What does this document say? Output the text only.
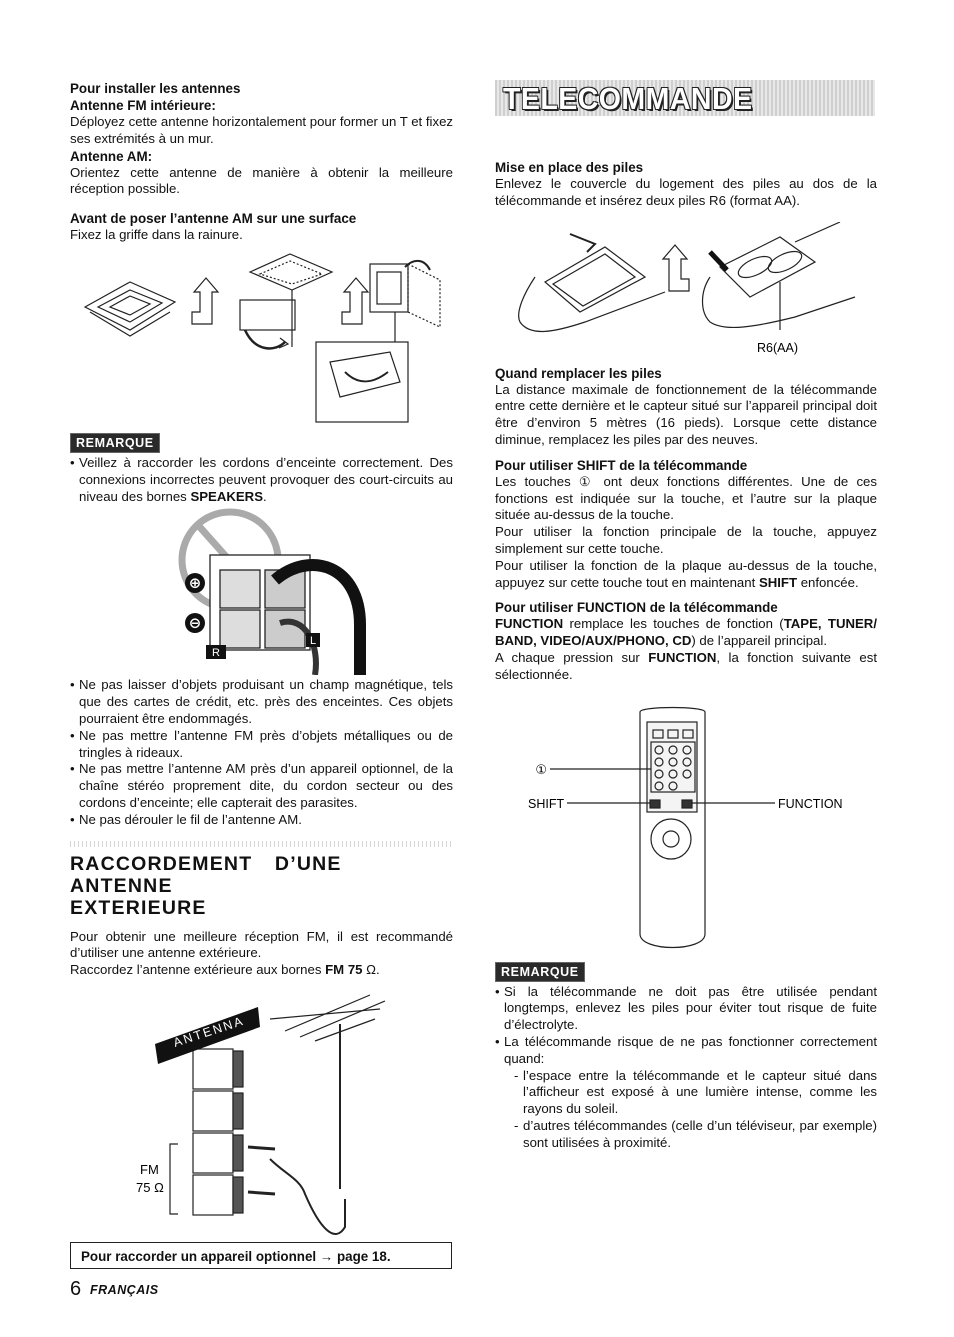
Pour installer les antennes
Antenne FM intérieure:

Déployez cette antenne horizontalement pour former un T et fixez ses extrémités à un mur.

Antenne AM:

Orientez cette antenne de manière à obtenir la meilleure réception possible.

Avant de poser l’antenne AM sur une surface

Fixez la griffe dans la rainure.

REMARQUE
• Veillez à raccorder les cordons d’enceinte correctement. Des connexions incorrectes peuvent provoquer des court-circuits au niveau des bornes SPEAKERS.
⊕
⊖
R
L
• Ne pas laisser d’objets produisant un champ magnétique, tels que des cartes de crédit, etc. près des enceintes. Ces objets pourraient être endommagés.
• Ne pas mettre l’antenne FM près d’objets métalliques ou de tringles à rideaux.
• Ne pas mettre l’antenne AM près d’un appareil optionnel, de la chaîne stéréo proprement dite, du cordon secteur ou des cordons d’enceinte; elle capterait des parasites.
• Ne pas dérouler le fil de l’antenne AM.
RACCORDEMENT D’UNE ANTENNE
EXTERIEURE

Pour obtenir une meilleure réception FM, il est recommandé d’utiliser une antenne extérieure.

Raccordez l’antenne extérieure aux bornes FM 75 Ω.

ANTENNA
FM
75 Ω
TELECOMMANDE
Mise en place des piles

Enlevez le couvercle du logement des piles au dos de la télécommande et insérez deux piles R6 (format AA).

R6(AA)
Quand remplacer les piles

La distance maximale de fonctionnement de la télécommande entre cette dernière et le capteur situé sur l’appareil principal doit être d’environ 5 mètres (16 pieds). Lorsque cette distance diminue, remplacez les piles par des neuves.

Pour utiliser SHIFT de la télécommande

Les touches ① ont deux fonctions différentes. Une de ces fonctions est indiquée sur la touche, et l’autre sur la plaque située au-dessus de la touche.

Pour utiliser la fonction principale de la touche, appuyez simplement sur cette touche.

Pour utiliser la fonction de la plaque au-dessus de la touche, appuyez sur cette touche tout en maintenant SHIFT enfoncée.

Pour utiliser FUNCTION de la télécommande

FUNCTION remplace les touches de fonction (TAPE, TUNER/ BAND, VIDEO/AUX/PHONO, CD) de l’appareil principal.

A chaque pression sur FUNCTION, la fonction suivante est sélectionnée.

①
SHIFT	FUNCTION
REMARQUE
• Si la télécommande ne doit pas être utilisée pendant longtemps, enlevez les piles pour éviter tout risque de fuite d’électrolyte.
• La télécommande risque de ne pas fonctionner correctement quand:
- l’espace entre la télécommande et le capteur situé dans l’afficheur est exposé à une lumière intense, comme les rayons du soleil.
- d’autres télécommandes (celle d’un téléviseur, par exemple) sont utilisées à proximité.
Pour raccorder un appareil optionnel → page 18.
6 FRANÇAIS
